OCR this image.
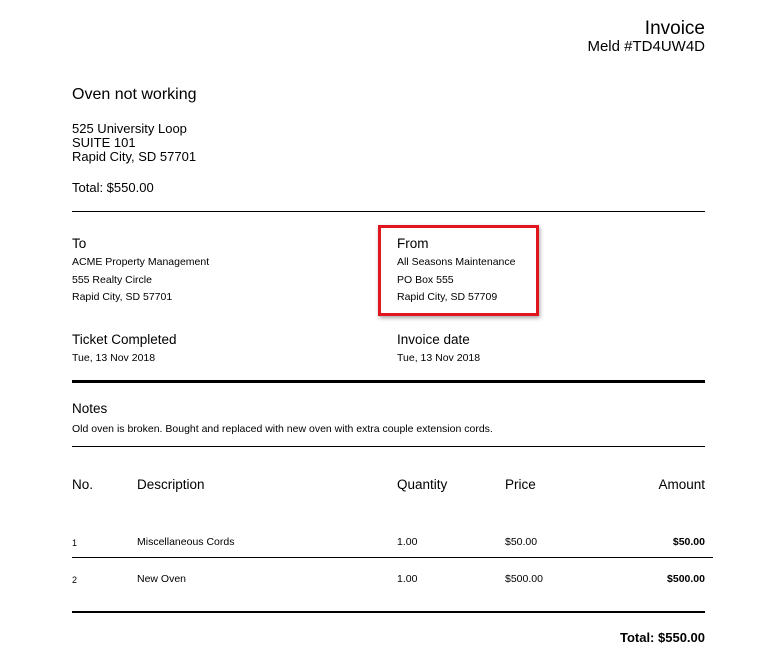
Invoice
Meld #TD4UW4D
Oven not working
525 University Loop
SUITE 101
Rapid City, SD 57701
Total: $550.00
To
ACME Property Management
555 Realty Circle
Rapid City, SD 57701
From
All Seasons Maintenance
PO Box 555
Rapid City, SD 57709
Ticket Completed
Tue, 13 Nov 2018
Invoice date
Tue, 13 Nov 2018
Notes
Old oven is broken. Bought and replaced with new oven with extra couple extension cords.
No.	Description	Quantity	Price	Amount
1	Miscellaneous Cords	1.00	$50.00	$50.00
2	New Oven	1.00	$500.00	$500.00
Total: $550.00
